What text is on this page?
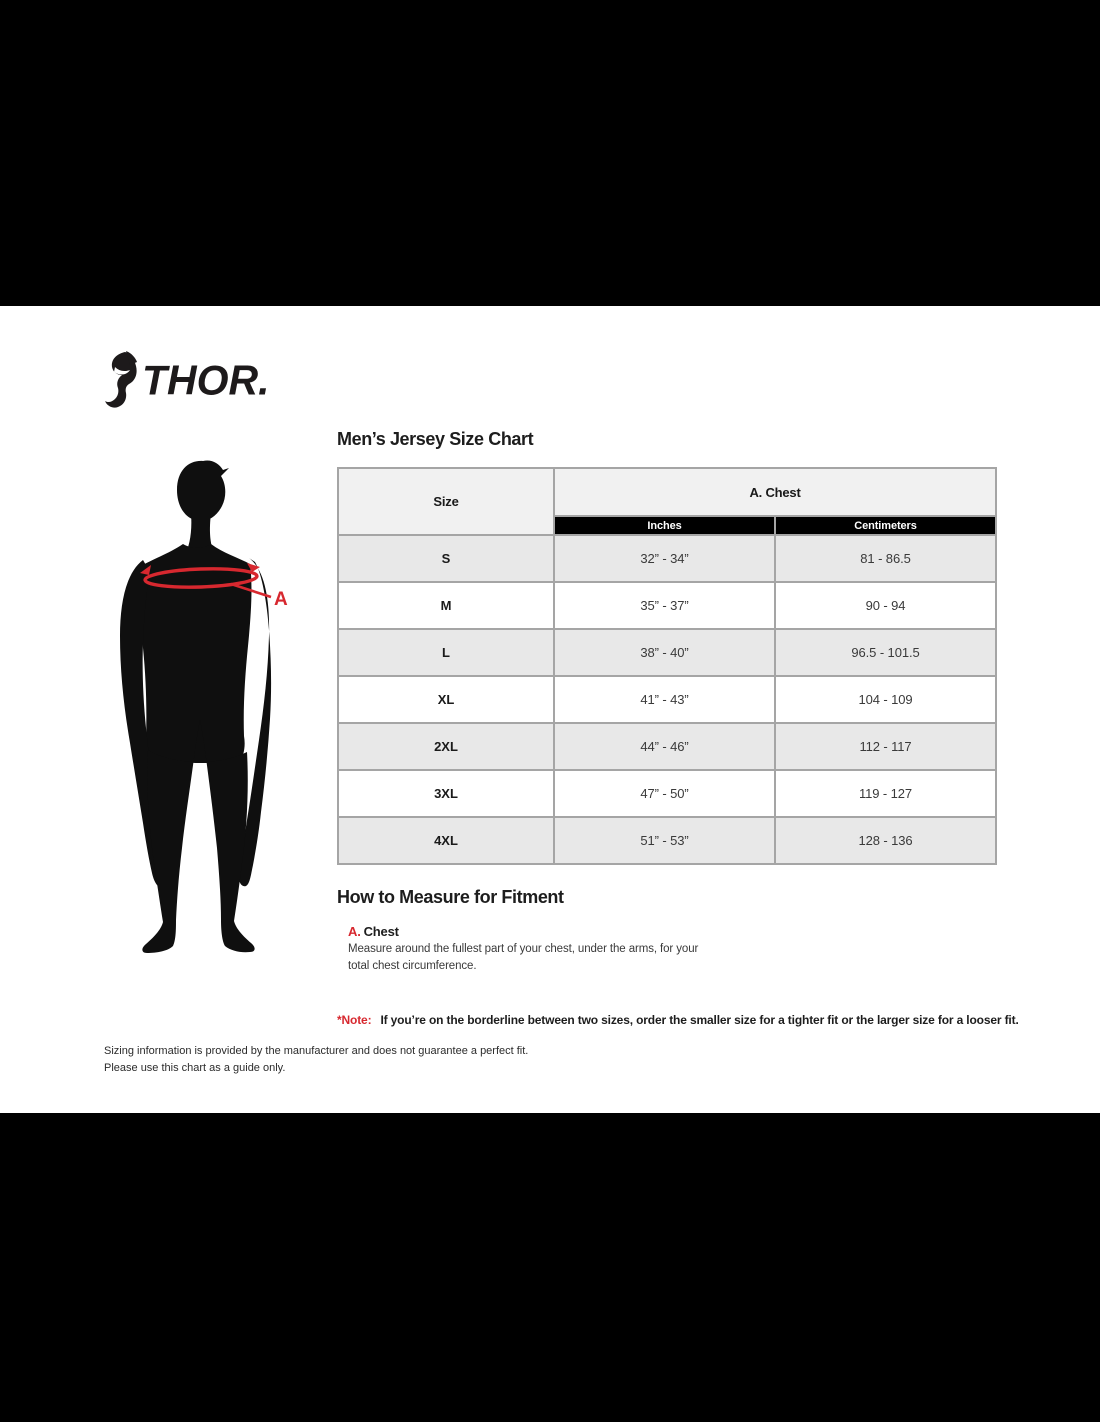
THOR.
A
Men’s Jersey Size Chart
Size	A. Chest	
	Inches	Centimeters
S	32” - 34”	81 - 86.5
M	35” - 37”	90 - 94
L	38” - 40”	96.5 - 101.5
XL	41” - 43”	104 - 109
2XL	44” - 46”	112 - 117
3XL	47” - 50”	119 - 127
4XL	51” - 53”	128 - 136
How to Measure for Fitment
A. Chest
Measure around the fullest part of your chest, under the arms, for your
total chest circumference.
*Note: If you’re on the borderline between two sizes, order the smaller size for a tighter fit or the larger size for a looser fit.
Sizing information is provided by the manufacturer and does not guarantee a perfect fit.
Please use this chart as a guide only.
